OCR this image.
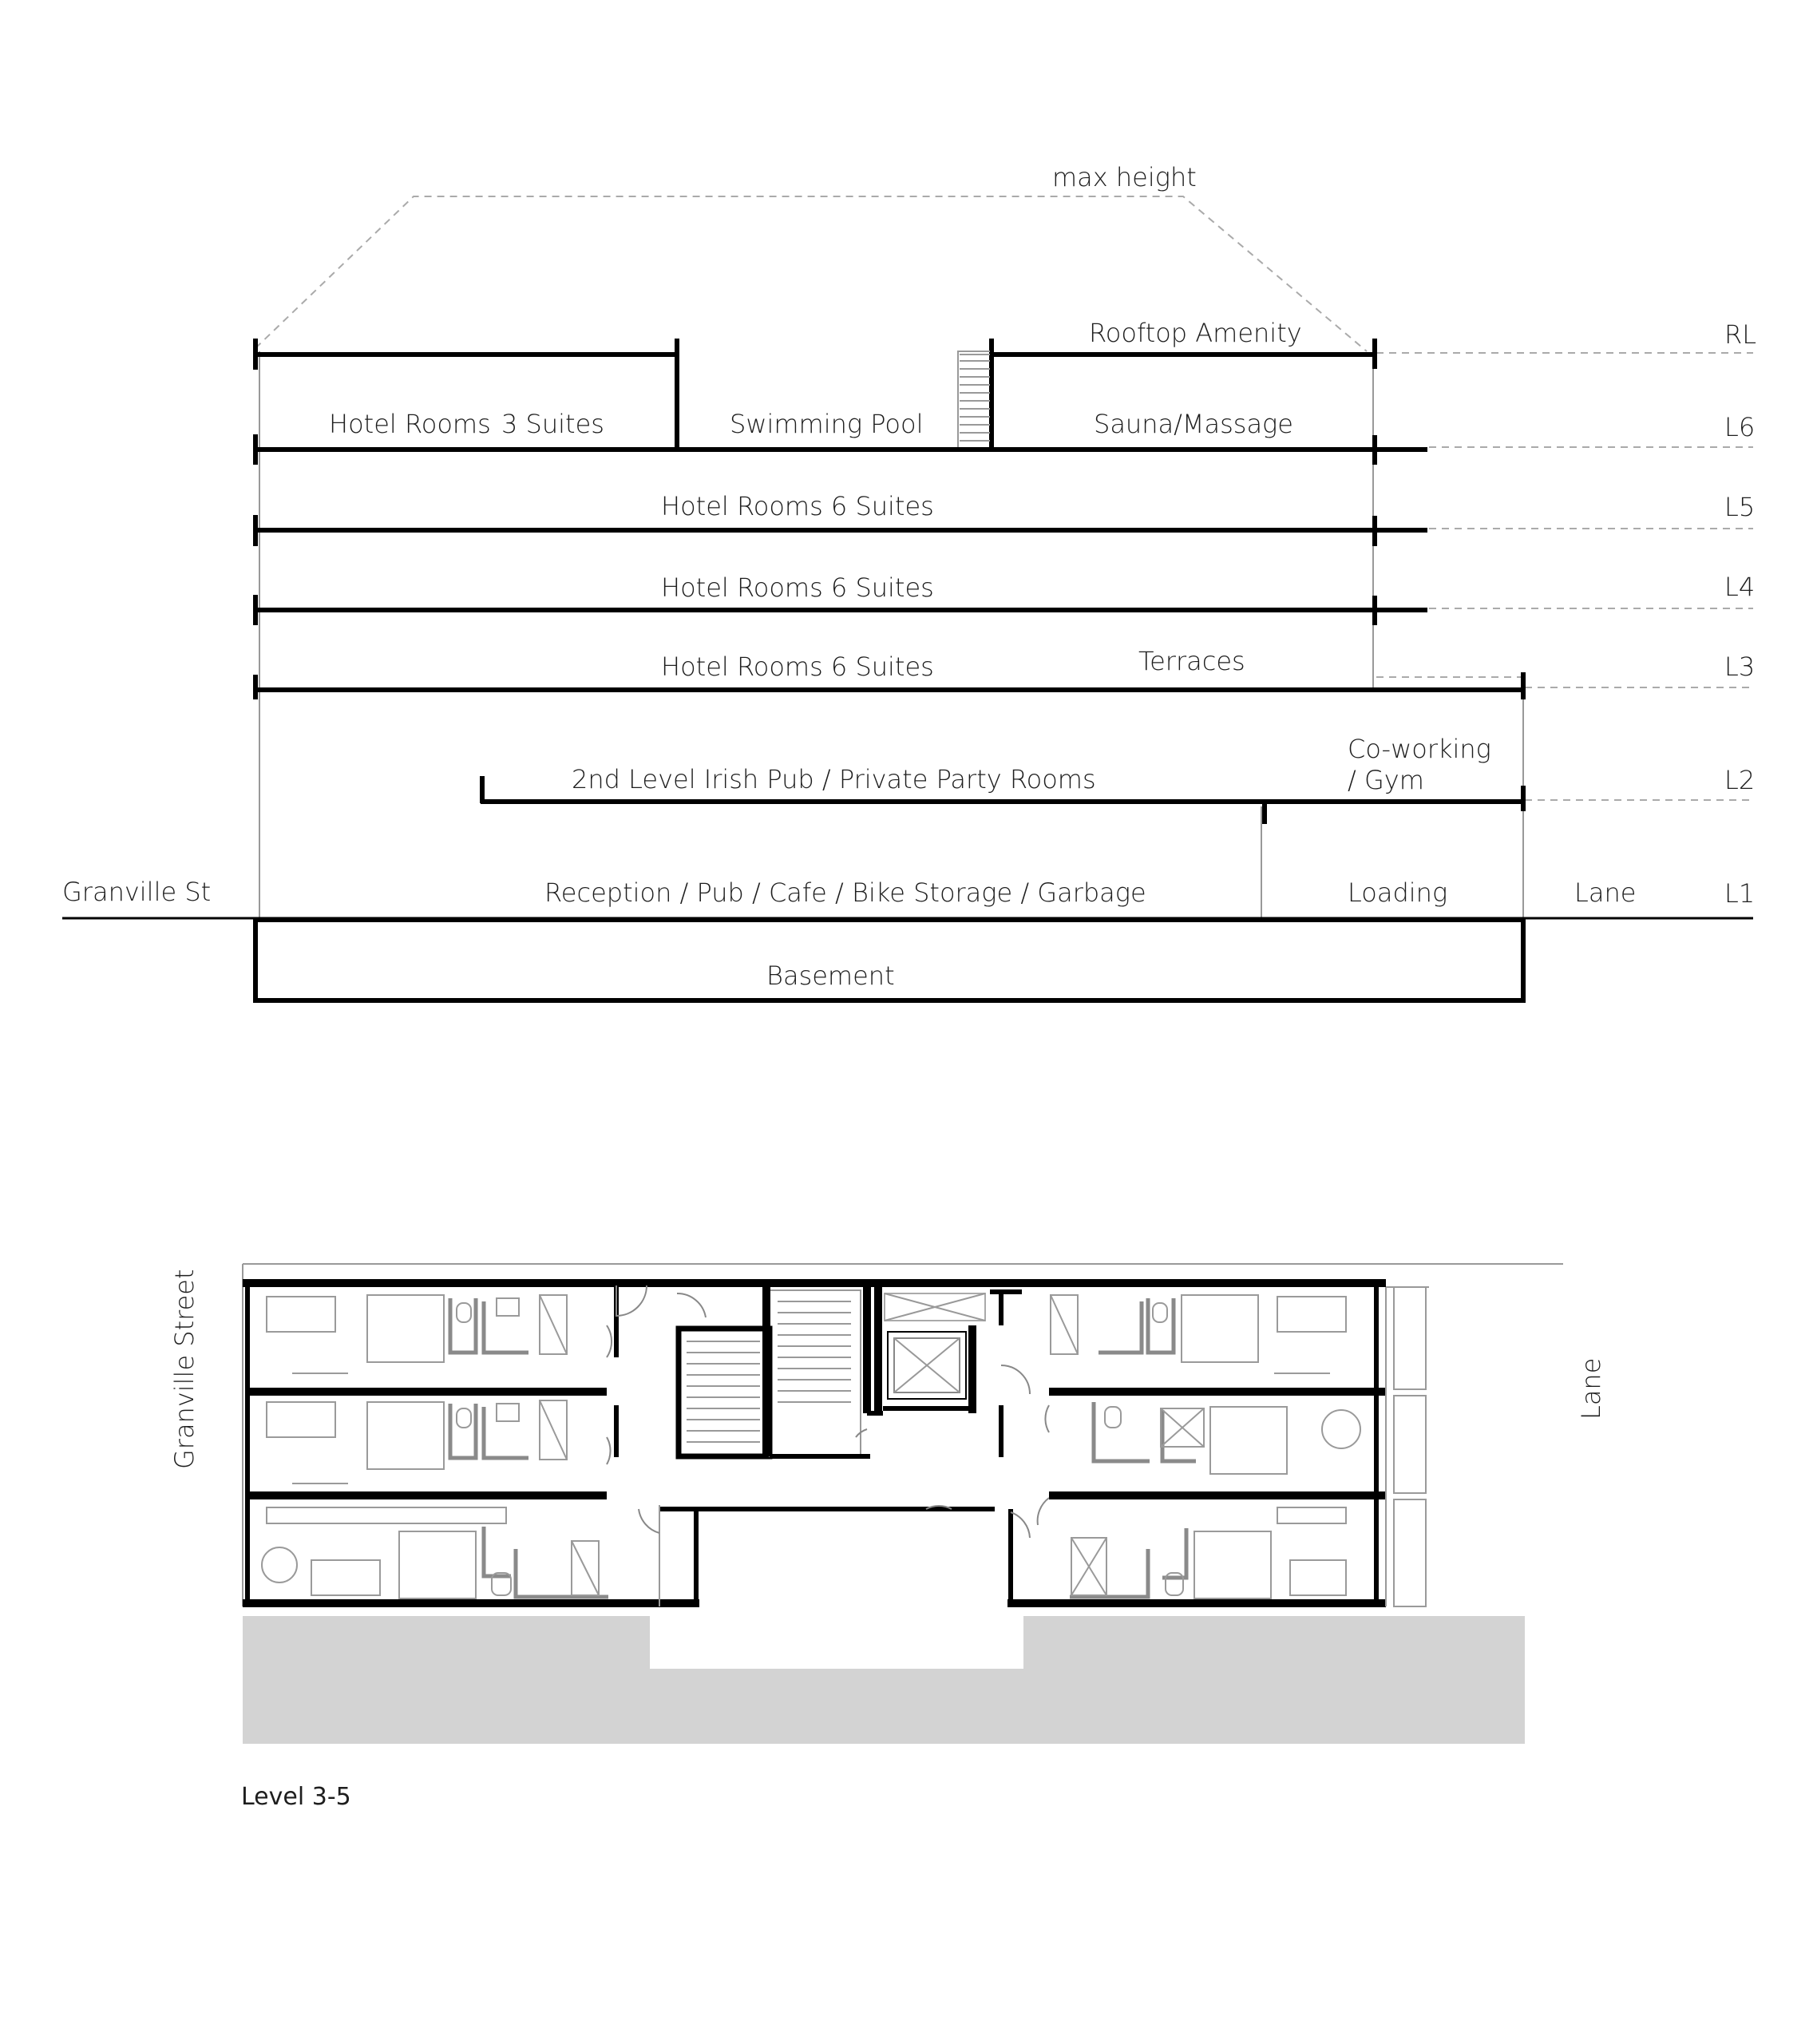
max height
Rooftop Amenity
Hotel Rooms 3 Suites	Swimming Pool	Sauna/Massage
Hotel Rooms 6 Suites
Hotel Rooms 6 Suites
Hotel Rooms 6 Suites	Terraces
2nd Level Irish Pub / Private Party Rooms
Co-working
/ Gym
Reception / Pub / Cafe / Bike Storage / Garbage	Loading
Granville St	Lane
Basement
RL
L6
L5
L4
L3
L2
L1
Granville Street	Lane
Level 3-5
